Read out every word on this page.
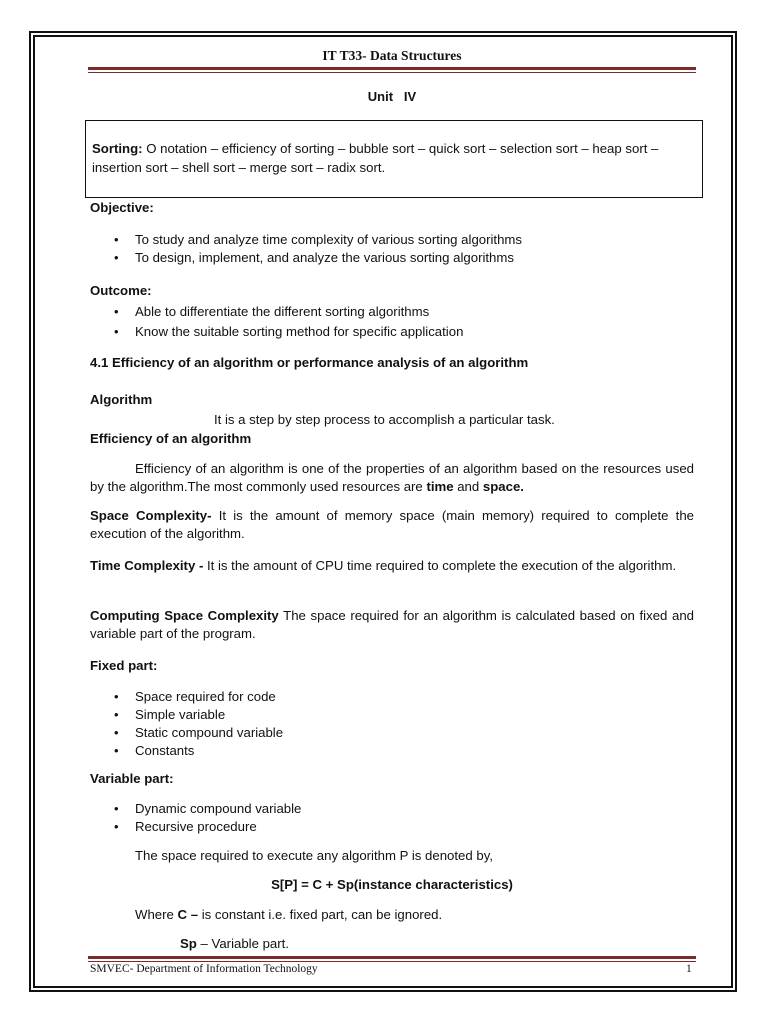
IT T33- Data Structures
Unit   IV
Sorting: O notation – efficiency of sorting – bubble sort – quick sort – selection sort – heap sort – insertion sort – shell sort – merge sort – radix sort.
Objective:
• To study and analyze time complexity of various sorting algorithms
• To design, implement, and analyze the various sorting algorithms
Outcome:
• Able to differentiate the different sorting algorithms
• Know the suitable sorting method for specific application
4.1 Efficiency of an algorithm or performance analysis of an algorithm
Algorithm
It is a step by step process to accomplish a particular task.
Efficiency of an algorithm
Efficiency of an algorithm is one of the properties of an algorithm based on the resources used by the algorithm.The most commonly used resources are time and space.
Space Complexity- It is the amount of memory space (main memory) required to complete the execution of the algorithm.
Time Complexity - It is the amount of CPU time required to complete the execution of the algorithm.
Computing Space Complexity The space required for an algorithm is calculated based on fixed and variable part of the program.
Fixed part:
• Space required for code
• Simple variable
• Static compound variable
• Constants
Variable part:
• Dynamic compound variable
• Recursive procedure
The space required to execute any algorithm P is denoted by,
S[P] = C + Sp(instance characteristics)
Where C – is constant i.e. fixed part, can be ignored.
Sp – Variable part.
SMVEC- Department of Information Technology	1
